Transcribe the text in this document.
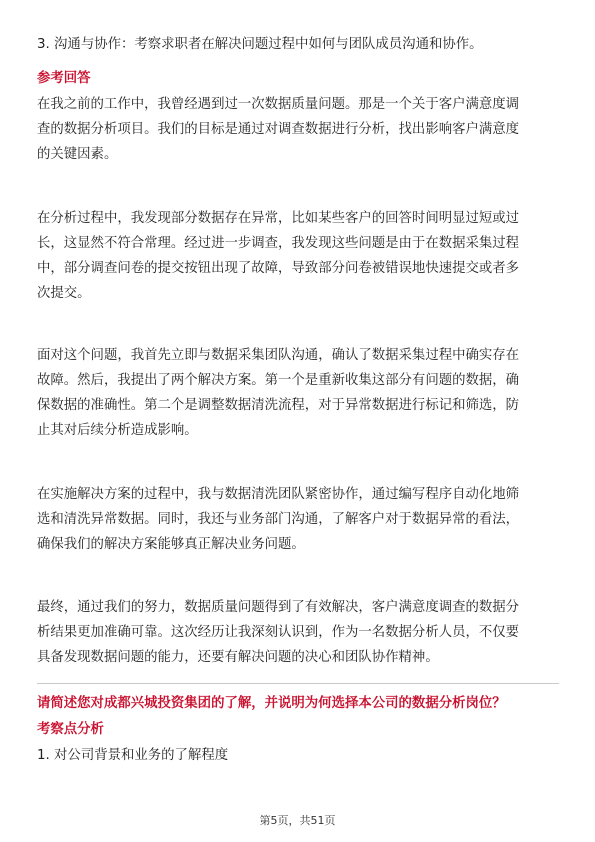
3. 沟通与协作：考察求职者在解决问题过程中如何与团队成员沟通和协作。
参考回答
在我之前的工作中，我曾经遇到过一次数据质量问题。那是一个关于客户满意度调
查的数据分析项目。我们的目标是通过对调查数据进行分析，找出影响客户满意度
的关键因素。
在分析过程中，我发现部分数据存在异常，比如某些客户的回答时间明显过短或过
长，这显然不符合常理。经过进一步调查，我发现这些问题是由于在数据采集过程
中，部分调查问卷的提交按钮出现了故障，导致部分问卷被错误地快速提交或者多
次提交。
面对这个问题，我首先立即与数据采集团队沟通，确认了数据采集过程中确实存在
故障。然后，我提出了两个解决方案。第一个是重新收集这部分有问题的数据，确
保数据的准确性。第二个是调整数据清洗流程，对于异常数据进行标记和筛选，防
止其对后续分析造成影响。
在实施解决方案的过程中，我与数据清洗团队紧密协作，通过编写程序自动化地筛
选和清洗异常数据。同时，我还与业务部门沟通，了解客户对于数据异常的看法，
确保我们的解决方案能够真正解决业务问题。
最终，通过我们的努力，数据质量问题得到了有效解决，客户满意度调查的数据分
析结果更加准确可靠。这次经历让我深刻认识到，作为一名数据分析人员，不仅要
具备发现数据问题的能力，还要有解决问题的决心和团队协作精神。
请简述您对成都兴城投资集团的了解，并说明为何选择本公司的数据分析岗位？
考察点分析
1. 对公司背景和业务的了解程度
第5页，共51页
